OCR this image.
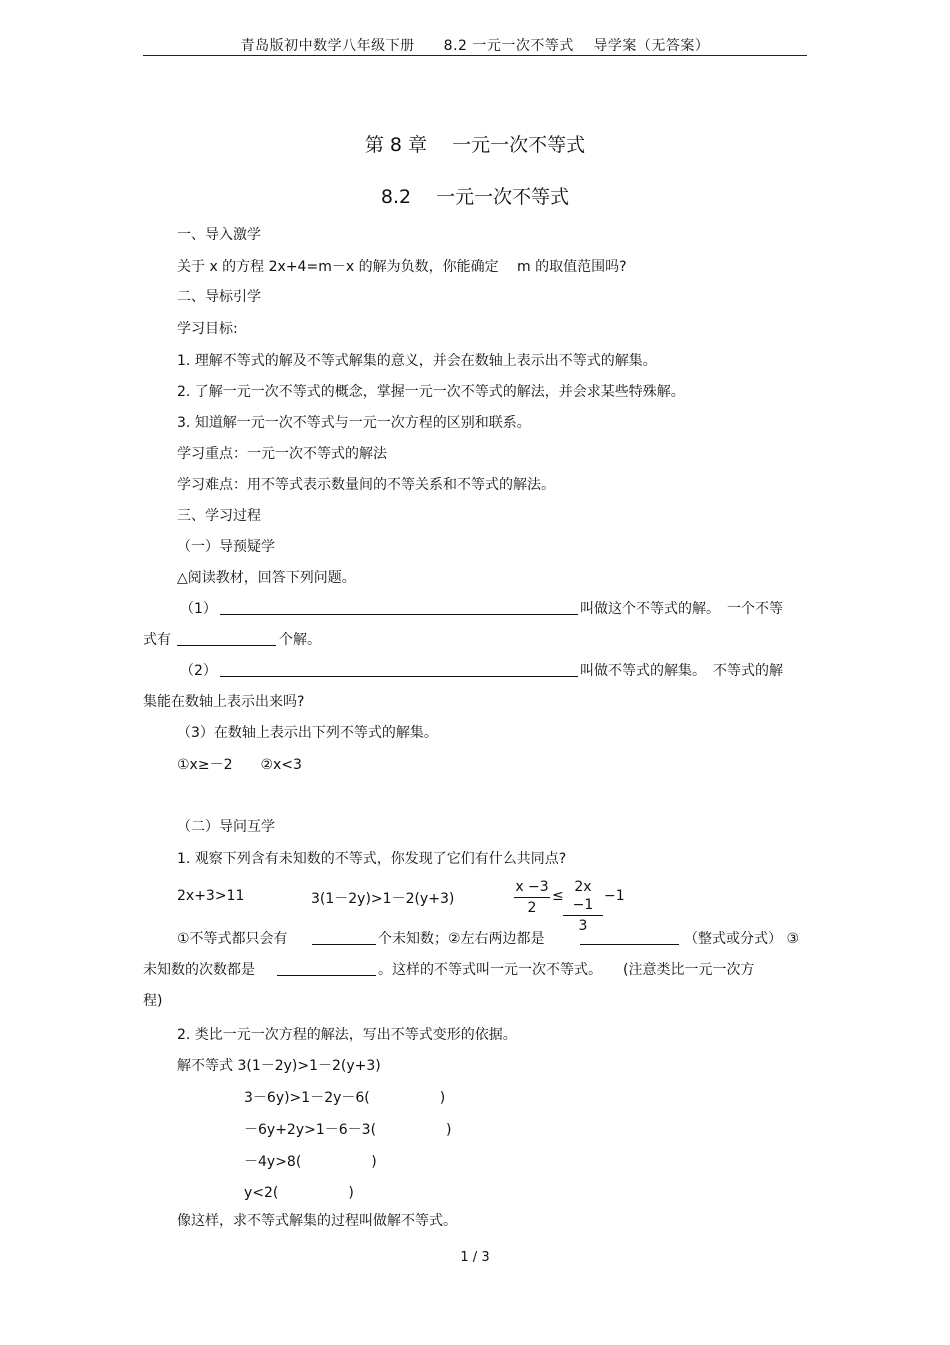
青岛版初中数学八年级下册　　8.2 一元一次不等式　 导学案（无答案）
第 8 章　 一元一次不等式
8.2　 一元一次不等式
一、导入激学
关于 x 的方程 2x+4=m－x 的解为负数，你能确定　 m 的取值范围吗?
二、导标引学
学习目标:
1. 理解不等式的解及不等式解集的意义，并会在数轴上表示出不等式的解集。
2. 了解一元一次不等式的概念，掌握一元一次不等式的解法，并会求某些特殊解。
3. 知道解一元一次不等式与一元一次方程的区别和联系。
学习重点：一元一次不等式的解法
学习难点：用不等式表示数量间的不等关系和不等式的解法。
三、学习过程
（一）导预疑学
△阅读教材，回答下列问题。
（1）	叫做这个不等式的解。　一个不等
式有	个解。
（2）	叫做不等式的解集。　不等式的解
集能在数轴上表示出来吗?
（3）在数轴上表示出下列不等式的解集。
①x≥－2　　②x<3
（二）导问互学
1. 观察下列含有未知数的不等式，你发现了它们有什么共同点?
2x+3>11	3(1－2y)>1－2(y+3)
x −3
2
≤
2x −1
3
−1
①不等式都只会有	个未知数；②左右两边都是	（整式或分式） ③
未知数的次数都是	。这样的不等式叫一元一次不等式。　　(注意类比一元一次方
程)
2. 类比一元一次方程的解法，写出不等式变形的依据。
解不等式 3(1－2y)>1－2(y+3)
3－6y)>1－2y－6(　　　　　)
－6y+2y>1－6－3(　　　　　)
－4y>8(　　　　　)
y<2(　　　　　)
像这样，求不等式解集的过程叫做解不等式。
1 / 3
